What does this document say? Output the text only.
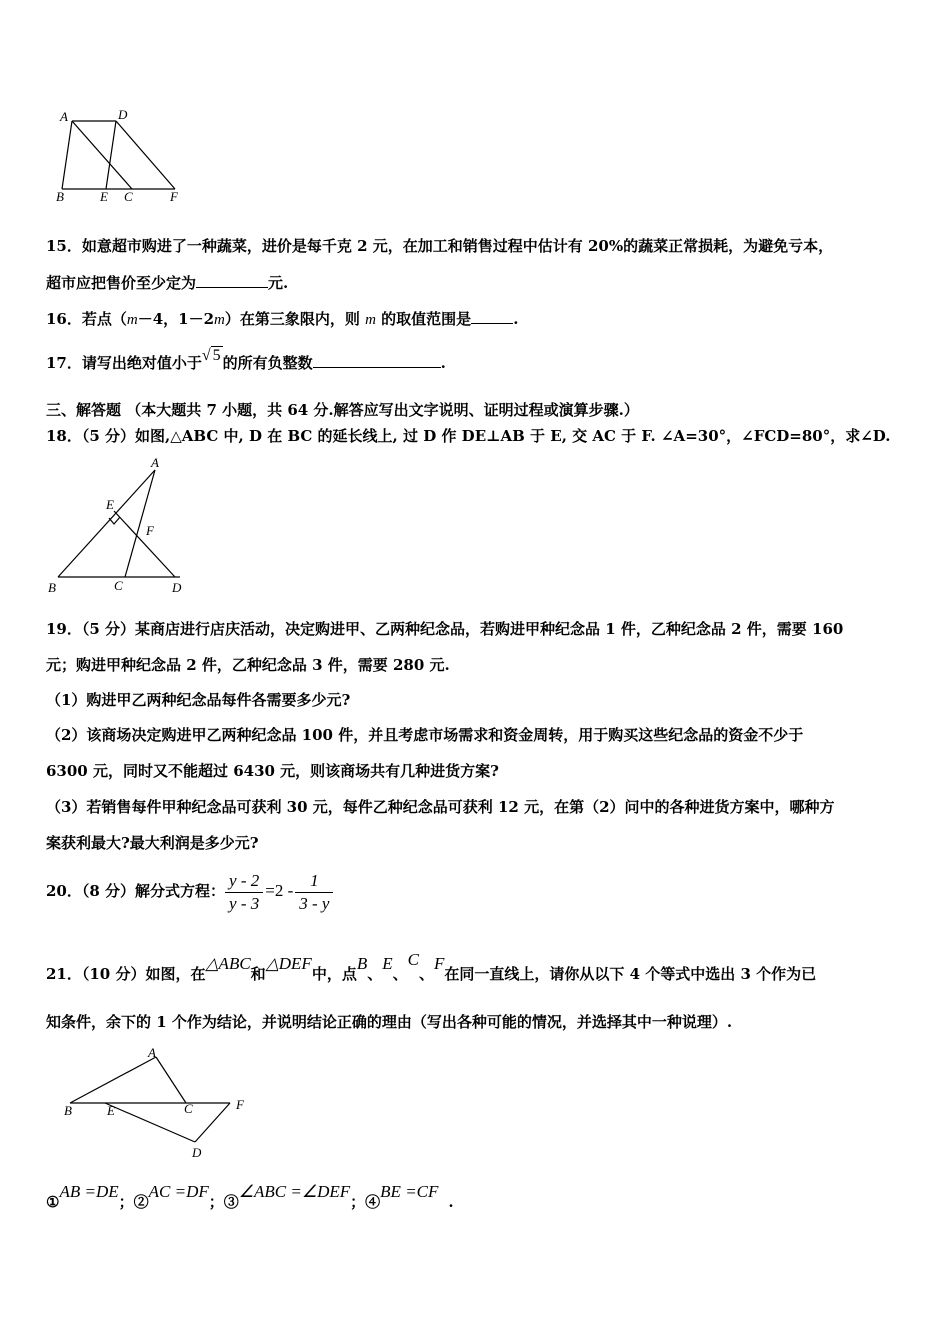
A	D
B	E C	F
15．如意超市购进了一种蔬菜，进价是每千克 2 元，在加工和销售过程中估计有 20%的蔬菜正常损耗，为避免亏本，
超市应把售价至少定为	元.
16．若点（m－4，1－2m）在第三象限内，则 m 的取值范围是	.
17．请写出绝对值小于√ 5 的所有负整数	.
三、解答题 （本大题共 7 小题，共 64 分.解答应写出文字说明、证明过程或演算步骤.）
18．（5 分）如图,△ABC 中, D 在 BC 的延长线上, 过 D 作 DE⊥AB 于 E, 交 AC 于 F. ∠A=30°，∠FCD=80°，求∠D.
A
E
F
B	C	D
19．（5 分）某商店进行店庆活动，决定购进甲、乙两种纪念品，若购进甲种纪念品 1 件，乙种纪念品 2 件，需要 160
元；购进甲种纪念品 2 件，乙种纪念品 3 件，需要 280 元.
（1）购进甲乙两种纪念品每件各需要多少元?
（2）该商场决定购进甲乙两种纪念品 100 件，并且考虑市场需求和资金周转，用于购买这些纪念品的资金不少于
6300 元，同时又不能超过 6430 元，则该商场共有几种进货方案?
（3）若销售每件甲种纪念品可获利 30 元，每件乙种纪念品可获利 12 元，在第（2）问中的各种进货方案中，哪种方
案获利最大?最大利润是多少元?
20．（8 分）解分式方程： $\frac{y - 2}{y - 3} =2 - \frac{1}{3 - y}$
21．（10 分）如图，在△ABC和△DEF中，点B、E、C、F在同一直线上，请你从以下 4 个等式中选出 3 个作为已
知条件，余下的 1 个作为结论，并说明结论正确的理由（写出各种可能的情况，并选择其中一种说理）.
A
B	E	C	F
D
①AB =DE；②AC =DF；③∠ABC =∠DEF；④BE =CF.
